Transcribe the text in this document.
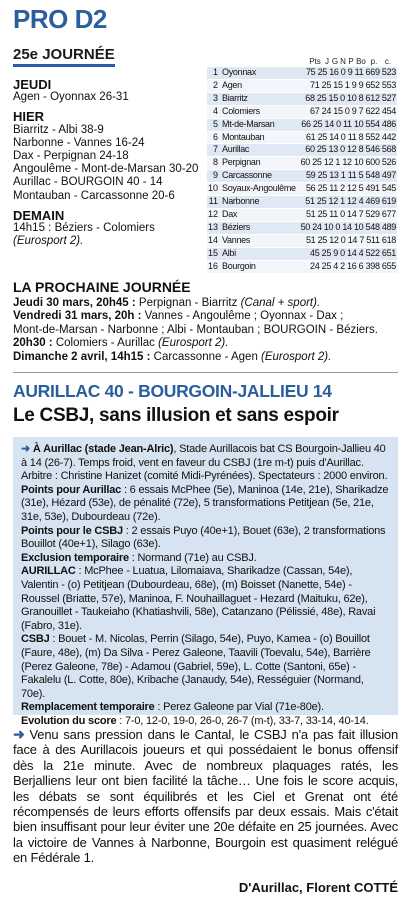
PRO D2
25e JOURNÉE
JEUDI
Agen - Oyonnax 26-31
HIER
Biarritz - Albi 38-9
Narbonne - Vannes 16-24
Dax - Perpignan 24-18
Angoulême - Mont-de-Marsan 30-20
Aurillac - BOURGOIN 40 - 14
Montauban - Carcassonne 20-6
DEMAIN
14h15 : Béziers - Colomiers
(Eurosport 2).
Pts J G N P Bo p. c.
1	Oyonnax	75 25 16 0 9 11 669 523
2	Agen	71 25 15 1 9 9 652 553
3	Biarritz	68 25 15 0 10 8 612 527
4	Colomiers	67 24 15 0 9 7 622 454
5	Mt-de-Marsan	66 25 14 0 11 10 554 486
6	Montauban	61 25 14 0 11 8 552 442
7	Aurillac	60 25 13 0 12 8 546 568
8	Perpignan	60 25 12 1 12 10 600 526
9	Carcassonne	59 25 13 1 11 5 548 497
10	Soyaux-Angoulême	56 25 11 2 12 5 491 545
11	Narbonne	51 25 12 1 12 4 469 619
12	Dax	51 25 11 0 14 7 529 677
13	Béziers	50 24 10 0 14 10 548 489
14	Vannes	51 25 12 0 14 7 511 618
15	Albi	45 25 9 0 14 4 522 651
16	Bourgoin	24 25 4 2 16 6 398 655
LA PROCHAINE JOURNÉE
Jeudi 30 mars, 20h45 : Perpignan - Biarritz (Canal + sport).
Vendredi 31 mars, 20h : Vannes - Angoulême ; Oyonnax - Dax ;
Mont-de-Marsan - Narbonne ; Albi - Montauban ; BOURGOIN - Béziers.
20h30 : Colomiers - Aurillac (Eurosport 2).
Dimanche 2 avril, 14h15 : Carcassonne - Agen (Eurosport 2).
AURILLAC 40 - BOURGOIN-JALLIEU 14
Le CSBJ, sans illusion et sans espoir

➜ À Aurillac (stade Jean-Alric), Stade Aurillacois bat CS Bourgoin-Jallieu 40 à 14 (26-7). Temps froid, vent en faveur du CSBJ (1re m-t) puis d'Aurillac.

Arbitre : Christine Hanizet (comité Midi-Pyrénées). Spectateurs : 2000 environ.

Points pour Aurillac : 6 essais McPhee (5e), Maninoa (14e, 21e), Sharikadze (31e), Hézard (53e), de pénalité (72e), 5 transformations Petitjean (5e, 21e, 31e, 53e), Dubourdeau (72e).

Points pour le CSBJ : 2 essais Puyo (40e+1), Bouet (63e), 2 transformations Bouillot (40e+1), Silago (63e).

Exclusion temporaire : Normand (71e) au CSBJ.

AURILLAC : McPhee - Luatua, Lilomaiava, Sharikadze (Cassan, 54e), Valentin - (o) Petitjean (Dubourdeau, 68e), (m) Boisset (Nanette, 54e) - Roussel (Briatte, 57e), Maninoa, F. Nouhaillaguet - Hezard (Maituku, 62e), Granouillet - Taukeiaho (Khatiashvili, 58e), Catanzano (Pélissié, 48e), Ravai (Fabro, 31e).

CSBJ : Bouet - M. Nicolas, Perrin (Silago, 54e), Puyo, Kamea - (o) Bouillot (Faure, 48e), (m) Da Silva - Perez Galeone, Taavili (Toevalu, 54e), Barrière (Perez Galeone, 78e) - Adamou (Gabriel, 59e), L. Cotte (Santoni, 65e) - Fakalelu (L. Cotte, 80e), Kribache (Janaudy, 54e), Rességuier (Normand, 70e).

Remplacement temporaire : Perez Galeone par Vial (71e-80e).

Evolution du score : 7-0, 12-0, 19-0, 26-0, 26-7 (m-t), 33-7, 33-14, 40-14.

➜ Venu sans pression dans le Cantal, le CSBJ n'a pas fait illusion face à des Aurillacois joueurs et qui possédaient le bonus offensif dès la 21e minute. Avec de nombreux plaquages ratés, les Berjalliens leur ont bien facilité la tâche… Une fois le score acquis, les débats se sont équilibrés et les Ciel et Grenat ont été récompensés de leurs efforts offensifs par deux essais. Mais c'était bien insuffisant pour leur éviter une 20e défaite en 25 journées. Avec la victoire de Vannes à Narbonne, Bourgoin est quasiment relégué en Fédérale 1.
D'Aurillac, Florent COTTÉ
